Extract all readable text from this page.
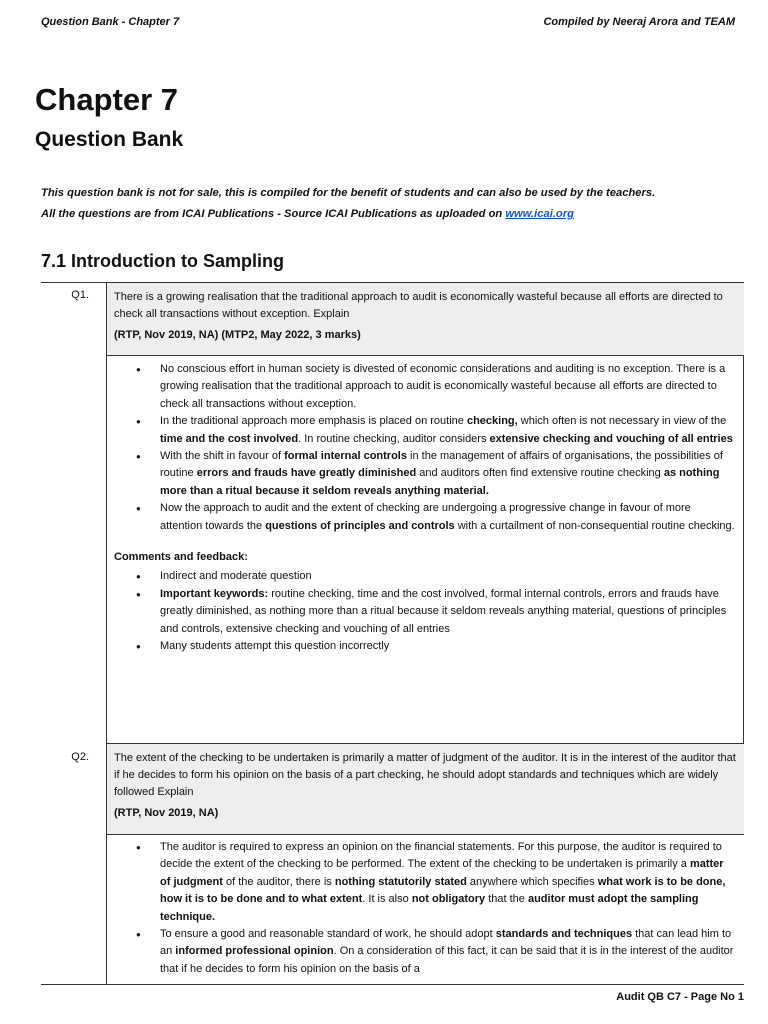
Question Bank - Chapter 7	Compiled by Neeraj Arora and TEAM
Chapter 7
Question Bank
This question bank is not for sale, this is compiled for the benefit of students and can also be used by the teachers.
All the questions are from ICAI Publications - Source ICAI Publications as uploaded on www.icai.org
7.1 Introduction to Sampling
Q1. There is a growing realisation that the traditional approach to audit is economically wasteful because all efforts are directed to check all transactions without exception. Explain
(RTP, Nov 2019, NA) (MTP2, May 2022, 3 marks)
● No conscious effort in human society is divested of economic considerations and auditing is no exception. There is a growing realisation that the traditional approach to audit is economically wasteful because all efforts are directed to check all transactions without exception.
● In the traditional approach more emphasis is placed on routine checking, which often is not necessary in view of the time and the cost involved. In routine checking, auditor considers extensive checking and vouching of all entries
● With the shift in favour of formal internal controls in the management of affairs of organisations, the possibilities of routine errors and frauds have greatly diminished and auditors often find extensive routine checking as nothing more than a ritual because it seldom reveals anything material.
● Now the approach to audit and the extent of checking are undergoing a progressive change in favour of more attention towards the questions of principles and controls with a curtailment of non-consequential routine checking.
Comments and feedback:
● Indirect and moderate question
● Important keywords: routine checking, time and the cost involved, formal internal controls, errors and frauds have greatly diminished, as nothing more than a ritual because it seldom reveals anything material, questions of principles and controls, extensive checking and vouching of all entries
● Many students attempt this question incorrectly
Q2. The extent of the checking to be undertaken is primarily a matter of judgment of the auditor. It is in the interest of the auditor that if he decides to form his opinion on the basis of a part checking, he should adopt standards and techniques which are widely followed Explain
(RTP, Nov 2019, NA)
● The auditor is required to express an opinion on the financial statements. For this purpose, the auditor is required to decide the extent of the checking to be performed. The extent of the checking to be undertaken is primarily a matter of judgment of the auditor, there is nothing statutorily stated anywhere which specifies what work is to be done, how it is to be done and to what extent. It is also not obligatory that the auditor must adopt the sampling technique.
● To ensure a good and reasonable standard of work, he should adopt standards and techniques that can lead him to an informed professional opinion. On a consideration of this fact, it can be said that it is in the interest of the auditor that if he decides to form his opinion on the basis of a
Audit QB C7 - Page No 1
